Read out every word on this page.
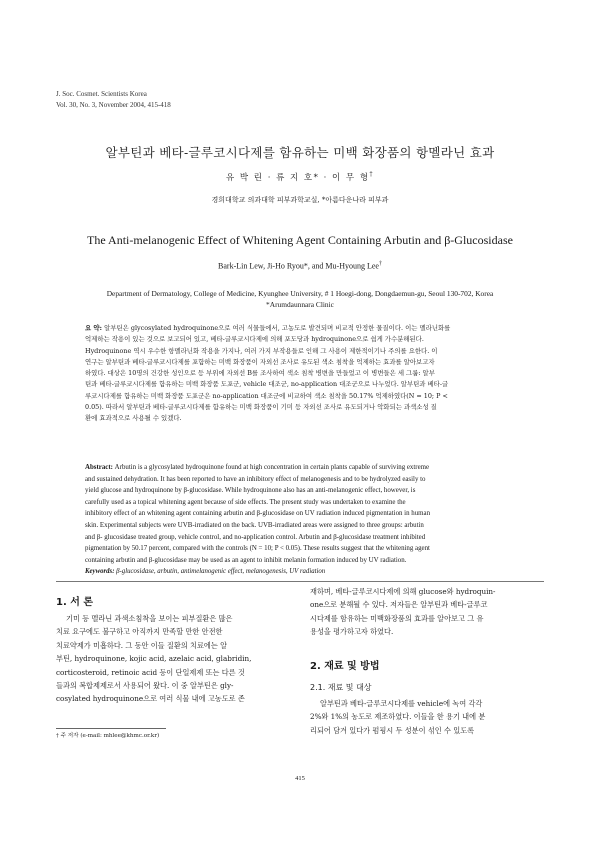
J. Soc. Cosmet. Scientists Korea
Vol. 30, No. 3, November 2004, 415-418
알부틴과 베타-글루코시다제를 함유하는 미백 화장품의 항멜라닌 효과
유 박 린 · 류 지 호* · 이 무 형†
경희대학교 의과대학 피부과학교실, *아름다운나라 피부과
The Anti-melanogenic Effect of Whitening Agent Containing Arbutin and β-Glucosidase
Bark-Lin Lew, Ji-Ho Ryou*, and Mu-Hyoung Lee†
Department of Dermatology, College of Medicine, Kyunghee University, # 1 Hoegi-dong, Dongdaemun-gu, Seoul 130-702, Korea
*Arumdaunnara Clinic
요 약: 알부틴은 glycosylated hydroquinone으로 여러 식물들에서, 고농도로 발견되며 비교적 안정한 물질이다. 이는 멜라닌화를
억제하는 작용이 있는 것으로 보고되어 있고, 베타-글루코시다제에 의해 포도당과 hydroquinone으로 쉽게 가수분해된다.
Hydroquinone 역시 우수한 항멜라닌화 작용을 가지나, 여러 가지 부작용들로 인해 그 사용이 제한적이기나 주의를 요한다. 이
연구는 알부틴과 베타-글루코시다제를 포함하는 미백 화장품이 자외선 조사로 유도된 색소 침착을 억제하는 효과를 알아보고자
하였다. 대상은 10명의 건강한 성인으로 등 부위에 자외선 B를 조사하여 색소 침착 병변을 만들었고 이 병변들은 세 그룹: 알부
틴과 베타-글루코시다제를 함유하는 미백 화장품 도포군, vehicle 대조군, no-application 대조군으로 나누었다. 알부틴과 베타-글
루코시다제를 함유하는 미백 화장품 도포군은 no-application 대조군에 비교하여 색소 침착을 50.17% 억제하였다(N = 10; P <
0.05). 따라서 알부틴과 베타-글루코시다제를 함유하는 미백 화장품이 기미 등 자외선 조사로 유도되거나 악화되는 과색소성 질
환에 효과적으로 사용될 수 있겠다.
Abstract: Arbutin is a glycosylated hydroquinone found at high concentration in certain plants capable of surviving extreme
and sustained dehydration. It has been reported to have an inhibitory effect of melanogenesis and to be hydrolyzed easily to
yield glucose and hydroquinone by β-glucosidase. While hydroquinone also has an anti-melanogenic effect, however, is
carefully used as a topical whitening agent because of side effects. The present study was undertaken to examine the
inhibitory effect of an whitening agent containing arbutin and β-glucosidase on UV radiation induced pigmentation in human
skin. Experimental subjects were UVB-irradiated on the back. UVB-irradiated areas were assigned to three groups: arbutin
and β- glucosidase treated group, vehicle control, and no-application control. Arbutin and β-glucosidase treatment inhibited
pigmentation by 50.17 percent, compared with the controls (N = 10; P < 0.05). These results suggest that the whitening agent
containing arbutin and β-glucosidase may be used as an agent to inhibit melanin formation induced by UV radiation.
Keywords: β-glucosidase, arbutin, antimelanogenic effect, melanogenesis, UV radiation
1. 서 론
기미 등 멜라닌 과색소침착을 보이는 피부질환은 많은
치료 요구에도 불구하고 아직까지 만족할 만한 안전한
치료약제가 미흡하다. 그 동안 이들 질환의 치료에는 알
부틴, hydroquinone, kojic acid, azelaic acid, glabridin,
corticosteroid, retinoic acid 등이 단일제제 또는 다른 것
들과의 복합제제로서 사용되어 왔다. 이 중 알부틴은 gly-
cosylated hydroquinone으로 여러 식물 내에 고농도로 존
재하며, 베타-글루코시다제에 의해 glucose와 hydroquin-
one으로 분해될 수 있다. 저자들은 알부틴과 베타-글루코
시다제를 함유하는 미백화장품의 효과를 알아보고 그 유
용성을 평가하고자 하였다.
2. 재료 및 방법
2.1. 재료 및 대상
알부틴과 베타-글루코시다제를 vehicle에 녹여 각각
2%와 1%의 농도로 제조하였다. 이들을 한 용기 내에 분
리되어 담겨 있다가 펌핑시 두 성분이 섞인 수 있도록
† 주 저자 (e-mail: mhlee@khmc.or.kr)
415
